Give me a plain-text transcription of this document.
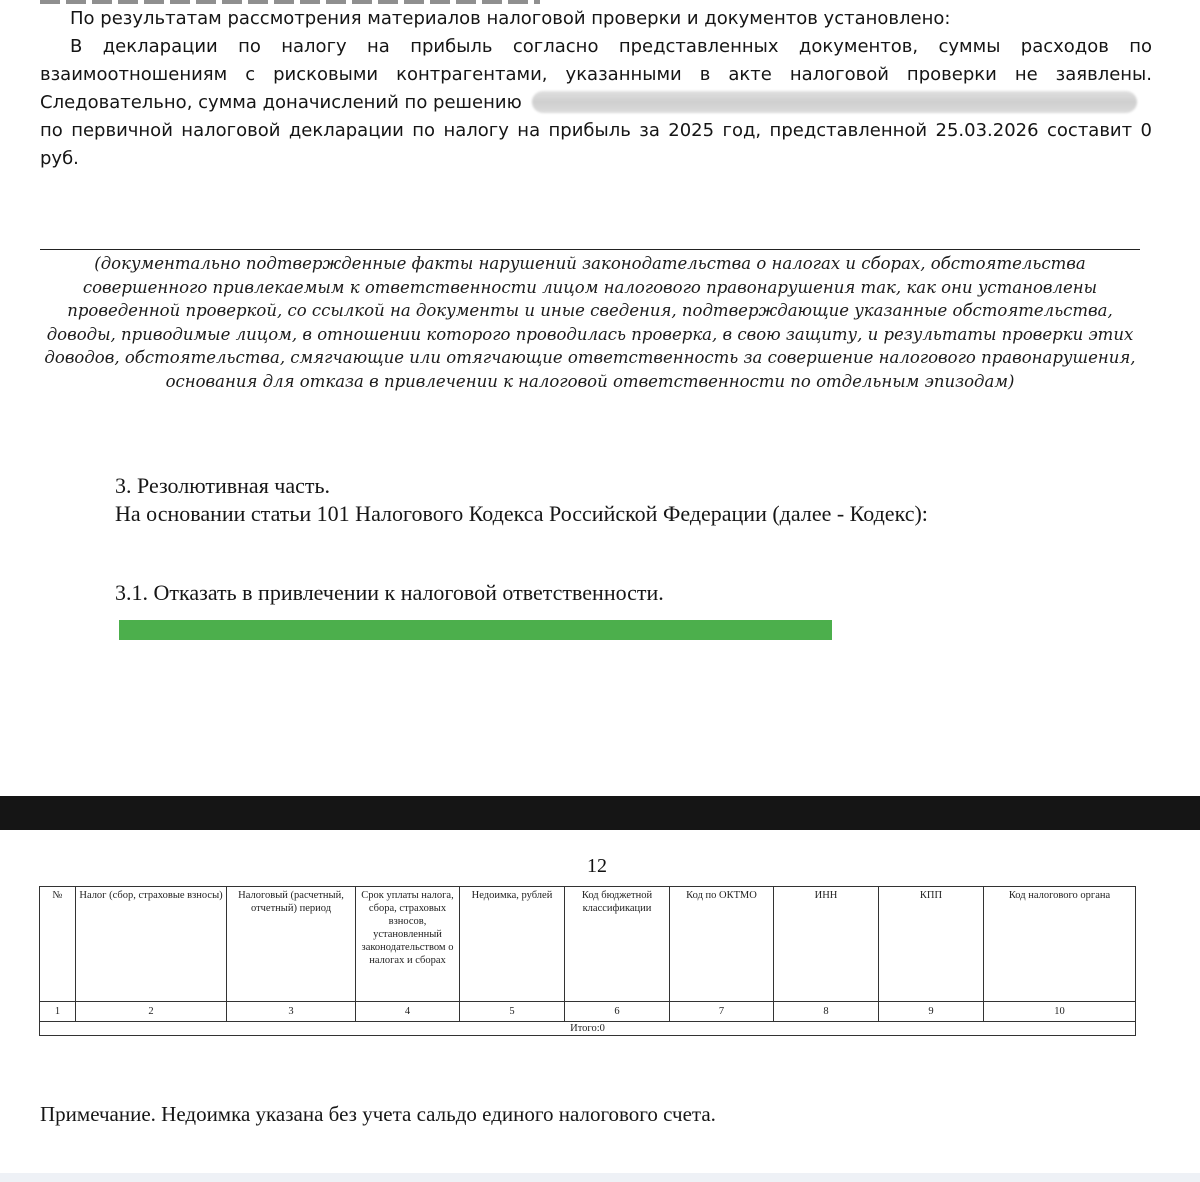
По результатам рассмотрения материалов налоговой проверки и документов установлено:
В декларации по налогу на прибыль согласно представленных документов, суммы расходов по взаимоотношениям с рисковыми контрагентами, указанными в акте налоговой проверки не заявлены.
Следовательно, сумма доначислений по решению
по первичной налоговой декларации по налогу на прибыль за 2025 год, представленной 25.03.2026 составит 0
руб.
(документально подтвержденные факты нарушений законодательства о налогах и сборах, обстоятельства совершенного привлекаемым к ответственности лицом налогового правонарушения так, как они установлены проведенной проверкой, со ссылкой на документы и иные сведения, подтверждающие указанные обстоятельства, доводы, приводимые лицом, в отношении которого проводилась проверка, в свою защиту, и результаты проверки этих доводов, обстоятельства, смягчающие или отягчающие ответственность за совершение налогового правонарушения, основания для отказа в привлечении к налоговой ответственности по отдельным эпизодам)
3. Резолютивная часть.
На основании статьи 101 Налогового Кодекса Российской Федерации (далее - Кодекс):
3.1. Отказать в привлечении к налоговой ответственности.
12
№	Налог (сбор, страховые взносы)	Налоговый (расчетный, отчетный) период	Срок уплаты налога, сбора, страховых взносов, установленный законодательством о налогах и сборах	Недоимка, рублей	Код бюджетной классификации	Код по ОКТМО	ИНН	КПП	Код налогового органа
1	2	3	4	5	6	7	8	9	10
Итого:0									
Примечание. Недоимка указана без учета сальдо единого налогового счета.
